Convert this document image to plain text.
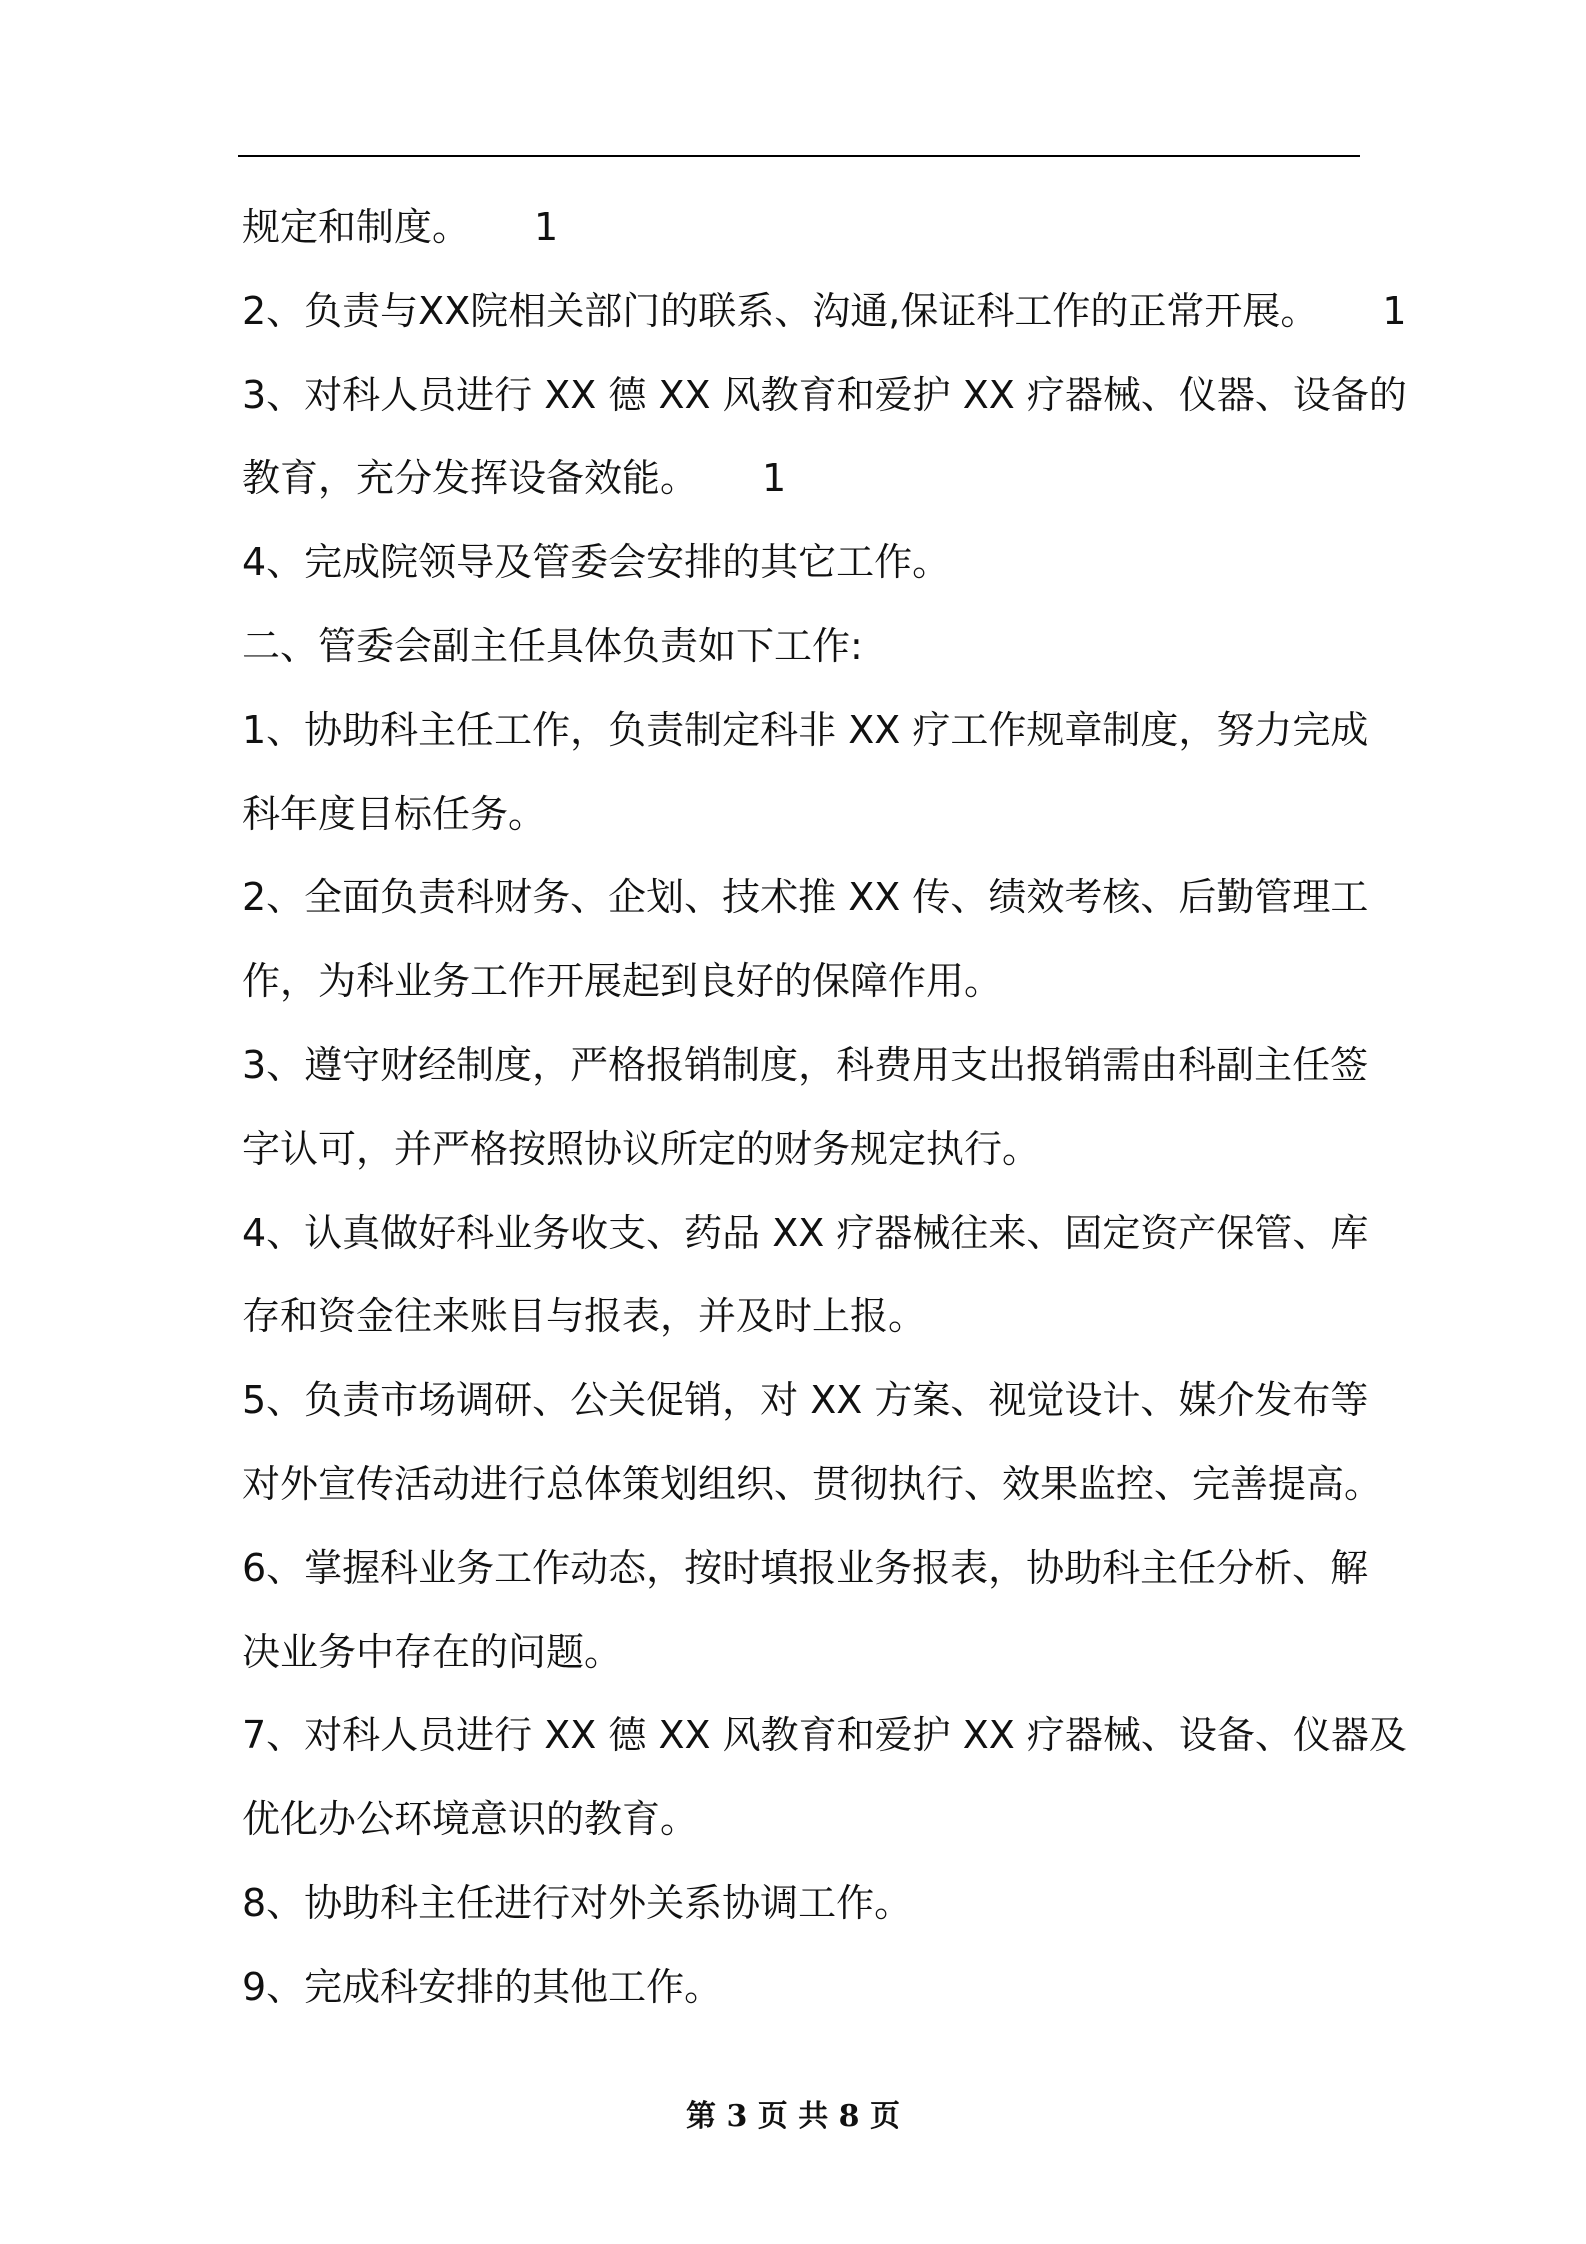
规定和制度。 1
2、负责与XX院相关部门的联系、沟通,保证科工作的正常开展。 1
3、对科人员进行 XX 德 XX 风教育和爱护 XX 疗器械、仪器、设备的
教育，充分发挥设备效能。 1
4、完成院领导及管委会安排的其它工作。
二、管委会副主任具体负责如下工作:
1、协助科主任工作，负责制定科非 XX 疗工作规章制度，努力完成
科年度目标任务。
2、全面负责科财务、企划、技术推 XX 传、绩效考核、后勤管理工
作，为科业务工作开展起到良好的保障作用。
3、遵守财经制度，严格报销制度，科费用支出报销需由科副主任签
字认可，并严格按照协议所定的财务规定执行。
4、认真做好科业务收支、药品 XX 疗器械往来、固定资产保管、库
存和资金往来账目与报表，并及时上报。
5、负责市场调研、公关促销，对 XX 方案、视觉设计、媒介发布等
对外宣传活动进行总体策划组织、贯彻执行、效果监控、完善提高。
6、掌握科业务工作动态，按时填报业务报表，协助科主任分析、解
决业务中存在的问题。
7、对科人员进行 XX 德 XX 风教育和爱护 XX 疗器械、设备、仪器及
优化办公环境意识的教育。
8、协助科主任进行对外关系协调工作。
9、完成科安排的其他工作。
第 3 页 共 8 页
